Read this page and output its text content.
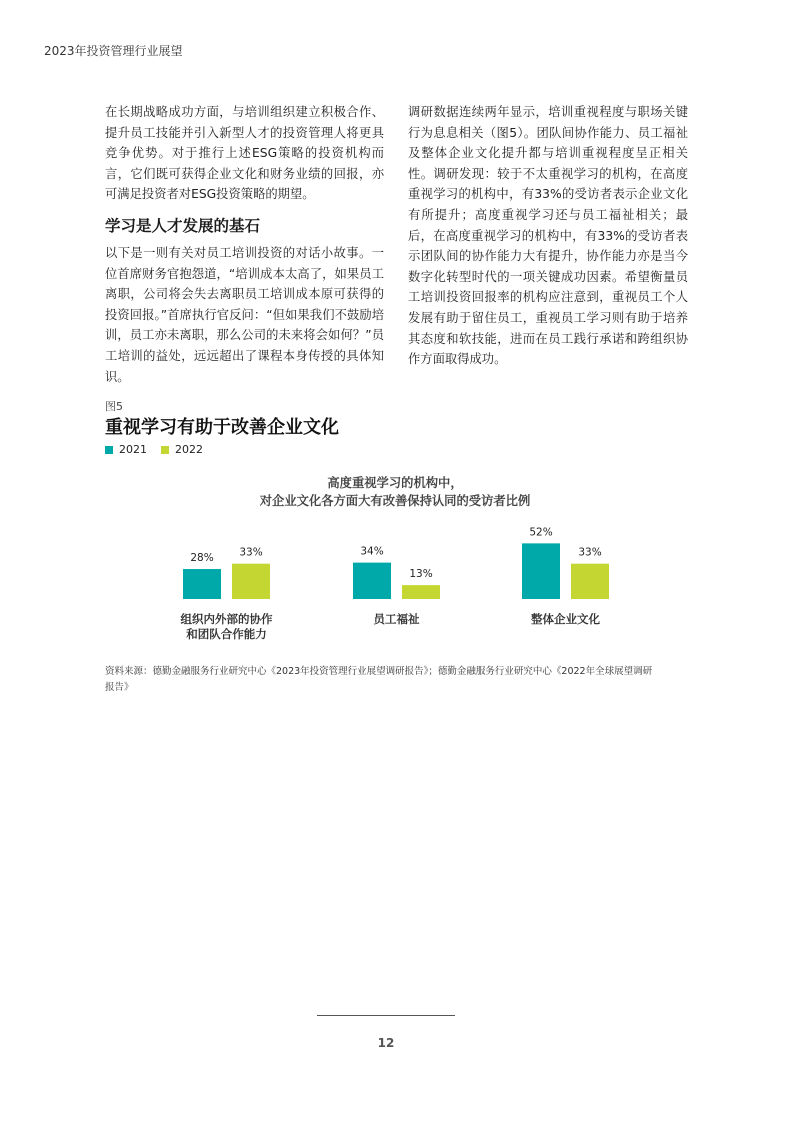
2023年投资管理行业展望

在长期战略成功方面，与培训组织建立积极合作、提升员工技能并引入新型人才的投资管理人将更具竞争优势。对于推行上述ESG策略的投资机构而言，它们既可获得企业文化和财务业绩的回报，亦可满足投资者对ESG投资策略的期望。

学习是人才发展的基石

以下是一则有关对员工培训投资的对话小故事。一位首席财务官抱怨道，“培训成本太高了，如果员工离职，公司将会失去离职员工培训成本原可获得的投资回报。”首席执行官反问：“但如果我们不鼓励培训，员工亦未离职，那么公司的未来将会如何？”员工培训的益处，远远超出了课程本身传授的具体知识。

调研数据连续两年显示，培训重视程度与职场关键行为息息相关（图5）。团队间协作能力、员工福祉及整体企业文化提升都与培训重视程度呈正相关性。调研发现：较于不太重视学习的机构，在高度重视学习的机构中，有33%的受访者表示企业文化有所提升；高度重视学习还与员工福祉相关；最后，在高度重视学习的机构中，有33%的受访者表示团队间的协作能力大有提升，协作能力亦是当今数字化转型时代的一项关键成功因素。希望衡量员工培训投资回报率的机构应注意到，重视员工个人发展有助于留住员工，重视员工学习则有助于培养其态度和软技能，进而在员工践行承诺和跨组织协作方面取得成功。

图5
重视学习有助于改善企业文化
2021	2022
高度重视学习的机构中，
对企业文化各方面大有改善保持认同的受访者比例
28% 33%
组织内外部的协作
和团队合作能力
34%
13%
员工福祉
52%
33%
整体企业文化
资料来源：德勤金融服务行业研究中心《2023年投资管理行业展望调研报告》；德勤金融服务行业研究中心《2022年全球展望调研报告》
12
